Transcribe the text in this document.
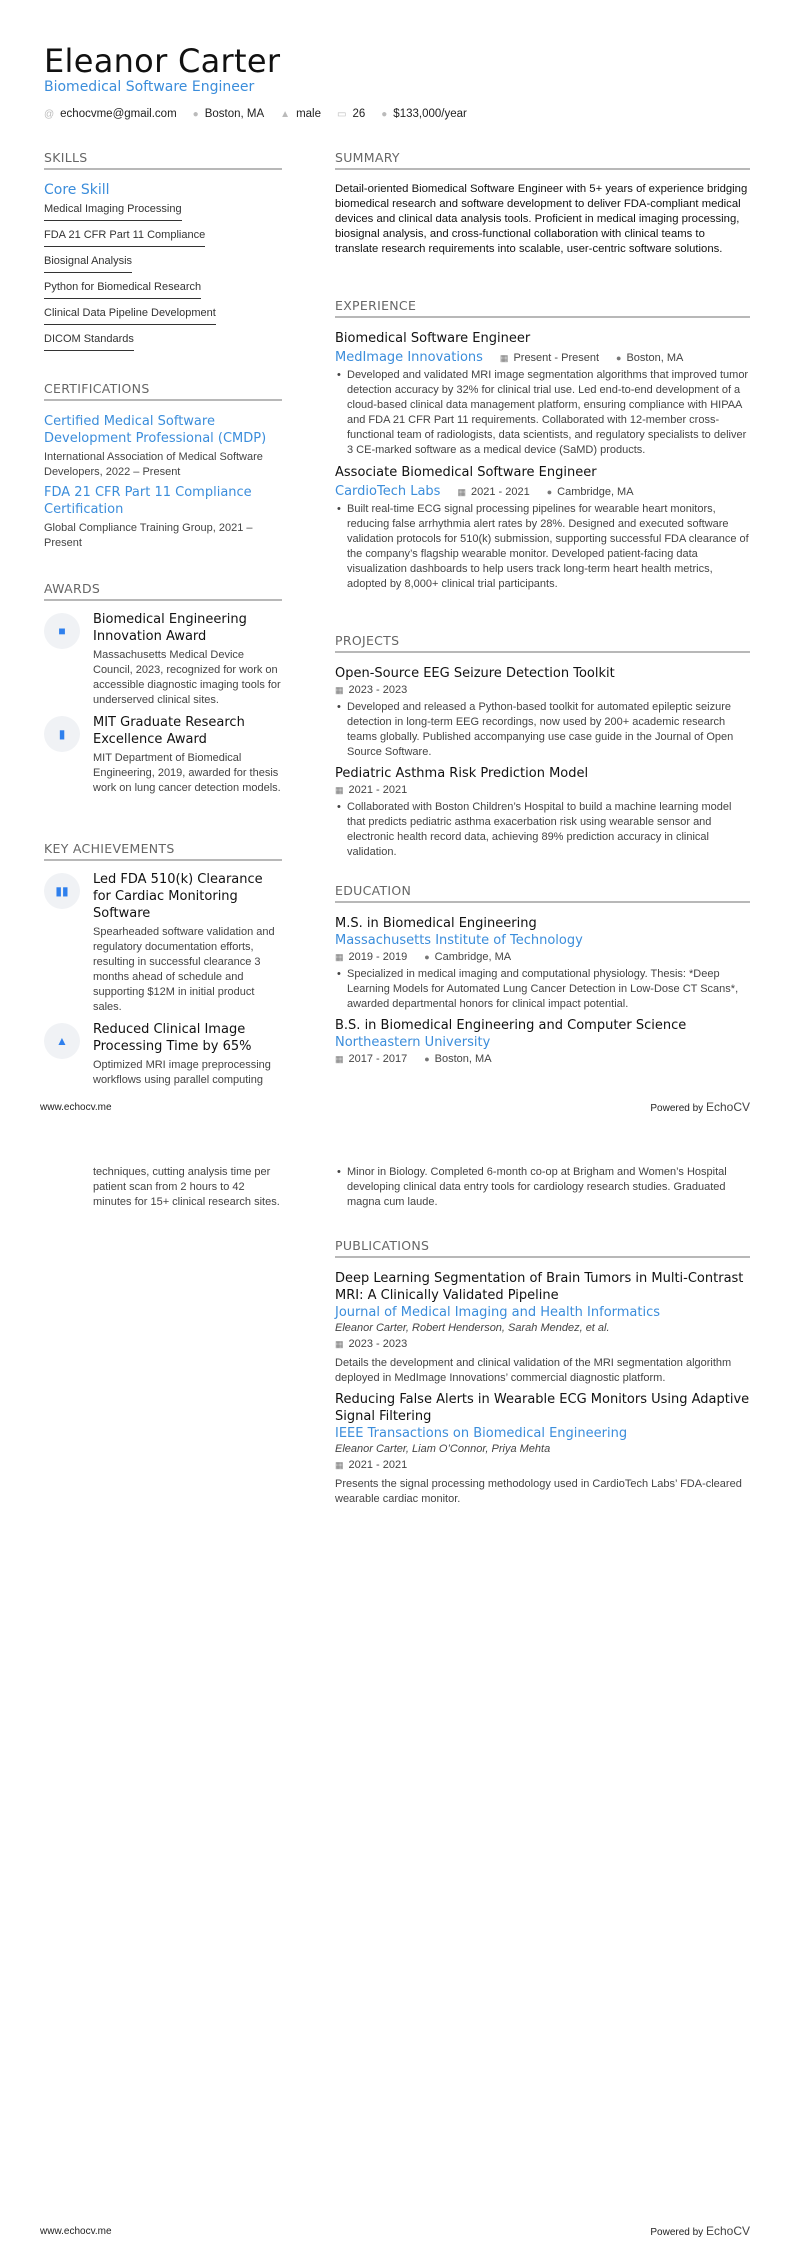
Eleanor Carter
Biomedical Software Engineer
@ echocvme@gmail.com ● Boston, MA ▲ male ▭ 26 ● $133,000/year
SKILLS
Core Skill
Medical Imaging Processing
FDA 21 CFR Part 11 Compliance
Biosignal Analysis
Python for Biomedical Research
Clinical Data Pipeline Development
DICOM Standards
CERTIFICATIONS
Certified Medical Software Development Professional (CMDP)
International Association of Medical Software Developers, 2022 – Present
FDA 21 CFR Part 11 Compliance Certification
Global Compliance Training Group, 2021 – Present
AWARDS
■
Biomedical Engineering Innovation Award
Massachusetts Medical Device Council, 2023, recognized for work on accessible diagnostic imaging tools for underserved clinical sites.
▮
MIT Graduate Research Excellence Award
MIT Department of Biomedical Engineering, 2019, awarded for thesis work on lung cancer detection models.
KEY ACHIEVEMENTS
▮▮
Led FDA 510(k) Clearance for Cardiac Monitoring Software
Spearheaded software validation and regulatory documentation efforts, resulting in successful clearance 3 months ahead of schedule and supporting $12M in initial product sales.
▲
Reduced Clinical Image Processing Time by 65%
Optimized MRI image preprocessing workflows using parallel computing
techniques, cutting analysis time per patient scan from 2 hours to 42 minutes for 15+ clinical research sites.
SUMMARY
Detail-oriented Biomedical Software Engineer with 5+ years of experience bridging biomedical research and software development to deliver FDA-compliant medical devices and clinical data analysis tools. Proficient in medical imaging processing, biosignal analysis, and cross-functional collaboration with clinical teams to translate research requirements into scalable, user-centric software solutions.
EXPERIENCE
Biomedical Software Engineer
MedImage Innovations ▦ Present - Present ● Boston, MA
• Developed and validated MRI image segmentation algorithms that improved tumor detection accuracy by 32% for clinical trial use. Led end-to-end development of a cloud-based clinical data management platform, ensuring compliance with HIPAA and FDA 21 CFR Part 11 requirements. Collaborated with 12-member cross-functional team of radiologists, data scientists, and regulatory specialists to deliver 3 CE-marked software as a medical device (SaMD) products.
Associate Biomedical Software Engineer
CardioTech Labs ▦ 2021 - 2021 ● Cambridge, MA
• Built real-time ECG signal processing pipelines for wearable heart monitors, reducing false arrhythmia alert rates by 28%. Designed and executed software validation protocols for 510(k) submission, supporting successful FDA clearance of the company’s flagship wearable monitor. Developed patient-facing data visualization dashboards to help users track long-term heart health metrics, adopted by 8,000+ clinical trial participants.
PROJECTS
Open-Source EEG Seizure Detection Toolkit
▦ 2023 - 2023
• Developed and released a Python-based toolkit for automated epileptic seizure detection in long-term EEG recordings, now used by 200+ academic research teams globally. Published accompanying use case guide in the Journal of Open Source Software.
Pediatric Asthma Risk Prediction Model
▦ 2021 - 2021
• Collaborated with Boston Children’s Hospital to build a machine learning model that predicts pediatric asthma exacerbation risk using wearable sensor and electronic health record data, achieving 89% prediction accuracy in clinical validation.
EDUCATION
M.S. in Biomedical Engineering
Massachusetts Institute of Technology
▦ 2019 - 2019 ● Cambridge, MA
• Specialized in medical imaging and computational physiology. Thesis: *Deep Learning Models for Automated Lung Cancer Detection in Low-Dose CT Scans*, awarded departmental honors for clinical impact potential.
B.S. in Biomedical Engineering and Computer Science
Northeastern University
▦ 2017 - 2017 ● Boston, MA
• Minor in Biology. Completed 6-month co-op at Brigham and Women’s Hospital developing clinical data entry tools for cardiology research studies. Graduated magna cum laude.
PUBLICATIONS
Deep Learning Segmentation of Brain Tumors in Multi-Contrast MRI: A Clinically Validated Pipeline
Journal of Medical Imaging and Health Informatics
Eleanor Carter, Robert Henderson, Sarah Mendez, et al.
▦ 2023 - 2023
Details the development and clinical validation of the MRI segmentation algorithm deployed in MedImage Innovations’ commercial diagnostic platform.
Reducing False Alerts in Wearable ECG Monitors Using Adaptive Signal Filtering
IEEE Transactions on Biomedical Engineering
Eleanor Carter, Liam O’Connor, Priya Mehta
▦ 2021 - 2021
Presents the signal processing methodology used in CardioTech Labs’ FDA-cleared wearable cardiac monitor.
www.echocv.me	Powered by EchoCV
www.echocv.me	Powered by EchoCV
